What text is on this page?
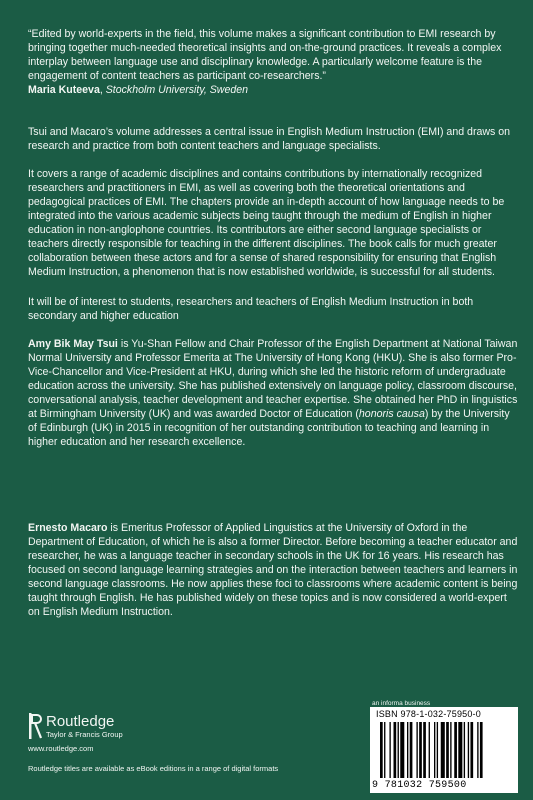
“Edited by world-experts in the field, this volume makes a significant contribution to EMI research by bringing together much-needed theoretical insights and on-the-ground practices. It reveals a complex interplay between language use and disciplinary knowledge. A particularly welcome feature is the engagement of content teachers as participant co-researchers.”
Maria Kuteeva, Stockholm University, Sweden

Tsui and Macaro’s volume addresses a central issue in English Medium Instruction (EMI) and draws on research and practice from both content teachers and language specialists.

It covers a range of academic disciplines and contains contributions by internationally recognized researchers and practitioners in EMI, as well as covering both the theoretical orientations and pedagogical practices of EMI. The chapters provide an in-depth account of how language needs to be integrated into the various academic subjects being taught through the medium of English in higher education in non-anglophone countries. Its contributors are either second language specialists or teachers directly responsible for teaching in the different disciplines. The book calls for much greater collaboration between these actors and for a sense of shared responsibility for ensuring that English Medium Instruction, a phenomenon that is now established worldwide, is successful for all students.

It will be of interest to students, researchers and teachers of English Medium Instruction in both secondary and higher education

Amy Bik May Tsui is Yu-Shan Fellow and Chair Professor of the English Department at National Taiwan Normal University and Professor Emerita at The University of Hong Kong (HKU). She is also former Pro-Vice-Chancellor and Vice-President at HKU, during which she led the historic reform of undergraduate education across the university. She has published extensively on language policy, classroom discourse, conversational analysis, teacher development and teacher expertise. She obtained her PhD in linguistics at Birmingham University (UK) and was awarded Doctor of Education (honoris causa) by the University of Edinburgh (UK) in 2015 in recognition of her outstanding contribution to teaching and learning in higher education and her research excellence.

Ernesto Macaro is Emeritus Professor of Applied Linguistics at the University of Oxford in the Department of Education, of which he is also a former Director. Before becoming a teacher educator and researcher, he was a language teacher in secondary schools in the UK for 16 years. His research has focused on second language learning strategies and on the interaction between teachers and learners in second language classrooms. He now applies these foci to classrooms where academic content is being taught through English. He has published widely on these topics and is now considered a world-expert on English Medium Instruction.

Routledge
Taylor & Francis Group
www.routledge.com
Routledge titles are available as eBook editions in a range of digital formats
an informa business
ISBN 978-1-032-75950-0
9 781032 759500
